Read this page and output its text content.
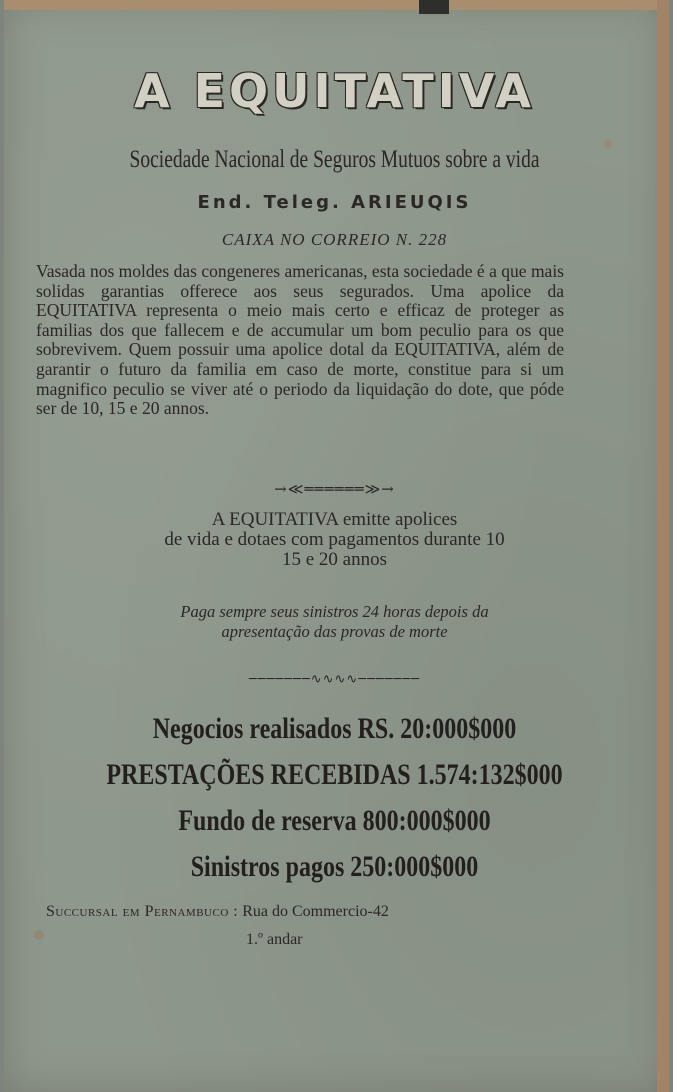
A EQUITATIVA
Sociedade Nacional de Seguros Mutuos sobre a vida
End. Teleg. ARIEUQIS
CAIXA NO CORREIO N. 228

Vasada nos moldes das congeneres americanas, esta sociedade é a que mais solidas garantias offerece aos seus segurados. Uma apolice da EQUITATIVA representa o meio mais certo e efficaz de proteger as familias dos que fallecem e de accumular um bom peculio para os que sobrevivem. Quem possuir uma apolice dotal da EQUITATIVA, além de garantir o futuro da familia em caso de morte, constitue para si um magnifico peculio se viver até o periodo da liquidação do dote, que póde ser de 10, 15 e 20 annos.

→≪══════≫→
A EQUITATIVA emitte apolices
de vida e dotaes com pagamentos durante 10
15 e 20 annos
Paga sempre seus sinistros 24 horas depois da
apresentação das provas de morte
───────∿∿∿∿───────
Negocios realisados RS. 20:000$000
PRESTAÇÕES RECEBIDAS 1.574:132$000
Fundo de reserva 800:000$000
Sinistros pagos 250:000$000
Succursal em Pernambuco : Rua do Commercio-42
1.º andar
